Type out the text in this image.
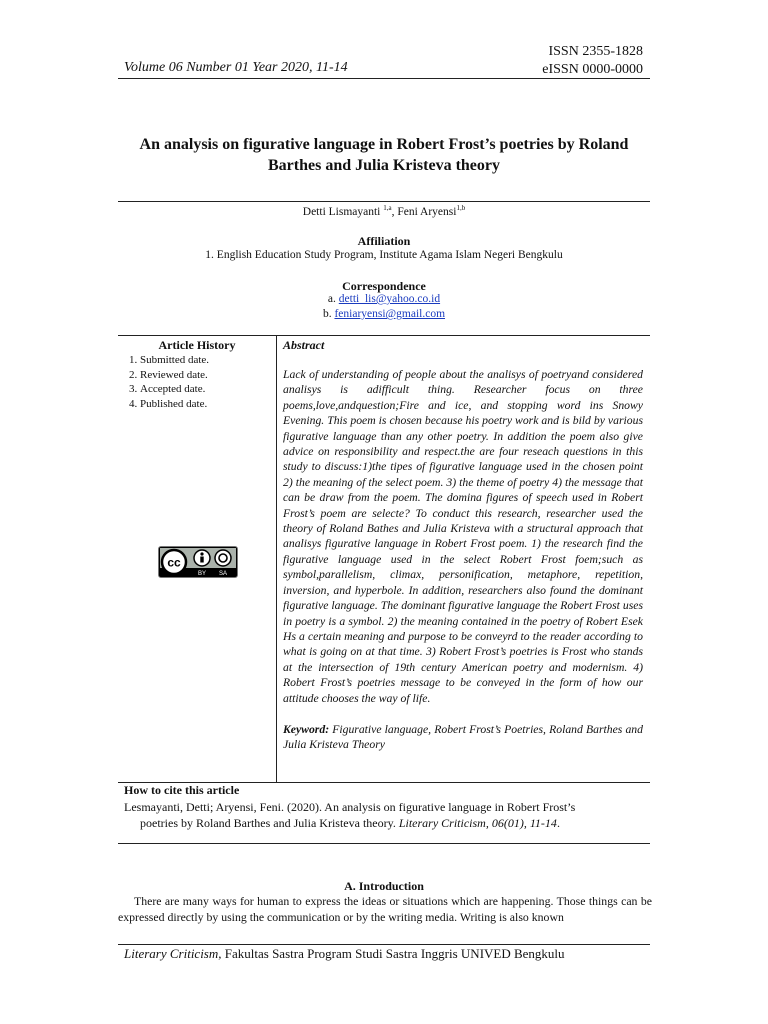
Volume 06 Number 01 Year 2020, 11-14
ISSN 2355-1828
eISSN 0000-0000
An analysis on figurative language in Robert Frost’s poetries by Roland Barthes and Julia Kristeva theory
Detti Lismayanti $^{1,a}$, Feni Aryensi$^{1,b}$
Affiliation
1. English Education Study Program, Institute Agama Islam Negeri Bengkulu
Correspondence
a. detti_lis@yahoo.co.id
b. feniaryensi@gmail.com
Article History
1. Submitted date.
2. Reviewed date.
3. Accepted date.
4. Published date.
cc
BY SA
Abstract
Lack of understanding of people about the analisys of poetryand considered analisys is adifficult thing. Researcher focus on three poems,love,andquestion;Fire and ice, and stopping word ins Snowy Evening. This poem is chosen because his poetry work and is bild by various figurative language than any other poetry. In addition the poem also give advice on responsibility and respect.the are four reseach questions in this study to discuss:1)the tipes of figurative language used in the chosen point 2) the meaning of the select poem. 3) the theme of poetry 4) the message that can be draw from the poem. The domina figures of speech used in Robert Frost’s poem are selecte? To conduct this research, researcher used the theory of Roland Bathes and Julia Kristeva with a structural approach that analisys figurative language in Robert Frost poem. 1) the research find the figurative language used in the select Robert Frost foem;such as symbol,parallelism, climax, personification, metaphore, repetition, inversion, and hyperbole. In addition, researchers also found the dominant figurative language. The dominant figurative language the Robert Frost uses in poetry is a symbol. 2) the meaning contained in the poetry of Robert Esek Hs a certain meaning and purpose to be conveyrd to the reader according to what is going on at that time. 3) Robert Frost’s poetries is Frost who stands at the intersection of 19th century American poetry and modernism. 4) Robert Frost’s poetries message to be conveyed in the form of how our attitude chooses the way of life.
Keyword: Figurative language, Robert Frost’s Poetries, Roland Barthes and Julia Kristeva Theory
How to cite this article
Lesmayanti, Detti; Aryensi, Feni. (2020). An analysis on figurative language in Robert Frost’s
poetries by Roland Barthes and Julia Kristeva theory. Literary Criticism, 06(01), 11-14.
A. Introduction
There are many ways for human to express the ideas or situations which are happening. Those things can be expressed directly by using the communication or by the writing media. Writing is also known
Literary Criticism, Fakultas Sastra Program Studi Sastra Inggris UNIVED Bengkulu
